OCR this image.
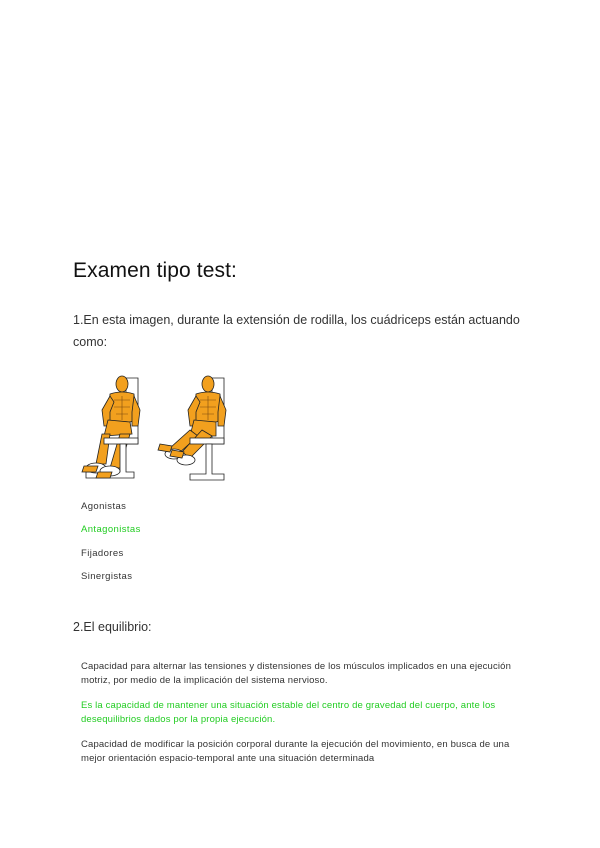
Examen tipo test:
1.En esta imagen, durante la extensión de rodilla, los cuádriceps están actuando como:
Agonistas
Antagonistas
Fijadores
Sinergistas
2.El equilibrio:
Capacidad para alternar las tensiones y distensiones de los músculos implicados en una ejecución motriz, por medio de la implicación del sistema nervioso.
Es la capacidad de mantener una situación estable del centro de gravedad del cuerpo, ante los desequilibrios dados por la propia ejecución.
Capacidad de modificar la posición corporal durante la ejecución del movimiento, en busca de una mejor orientación espacio-temporal ante una situación determinada
